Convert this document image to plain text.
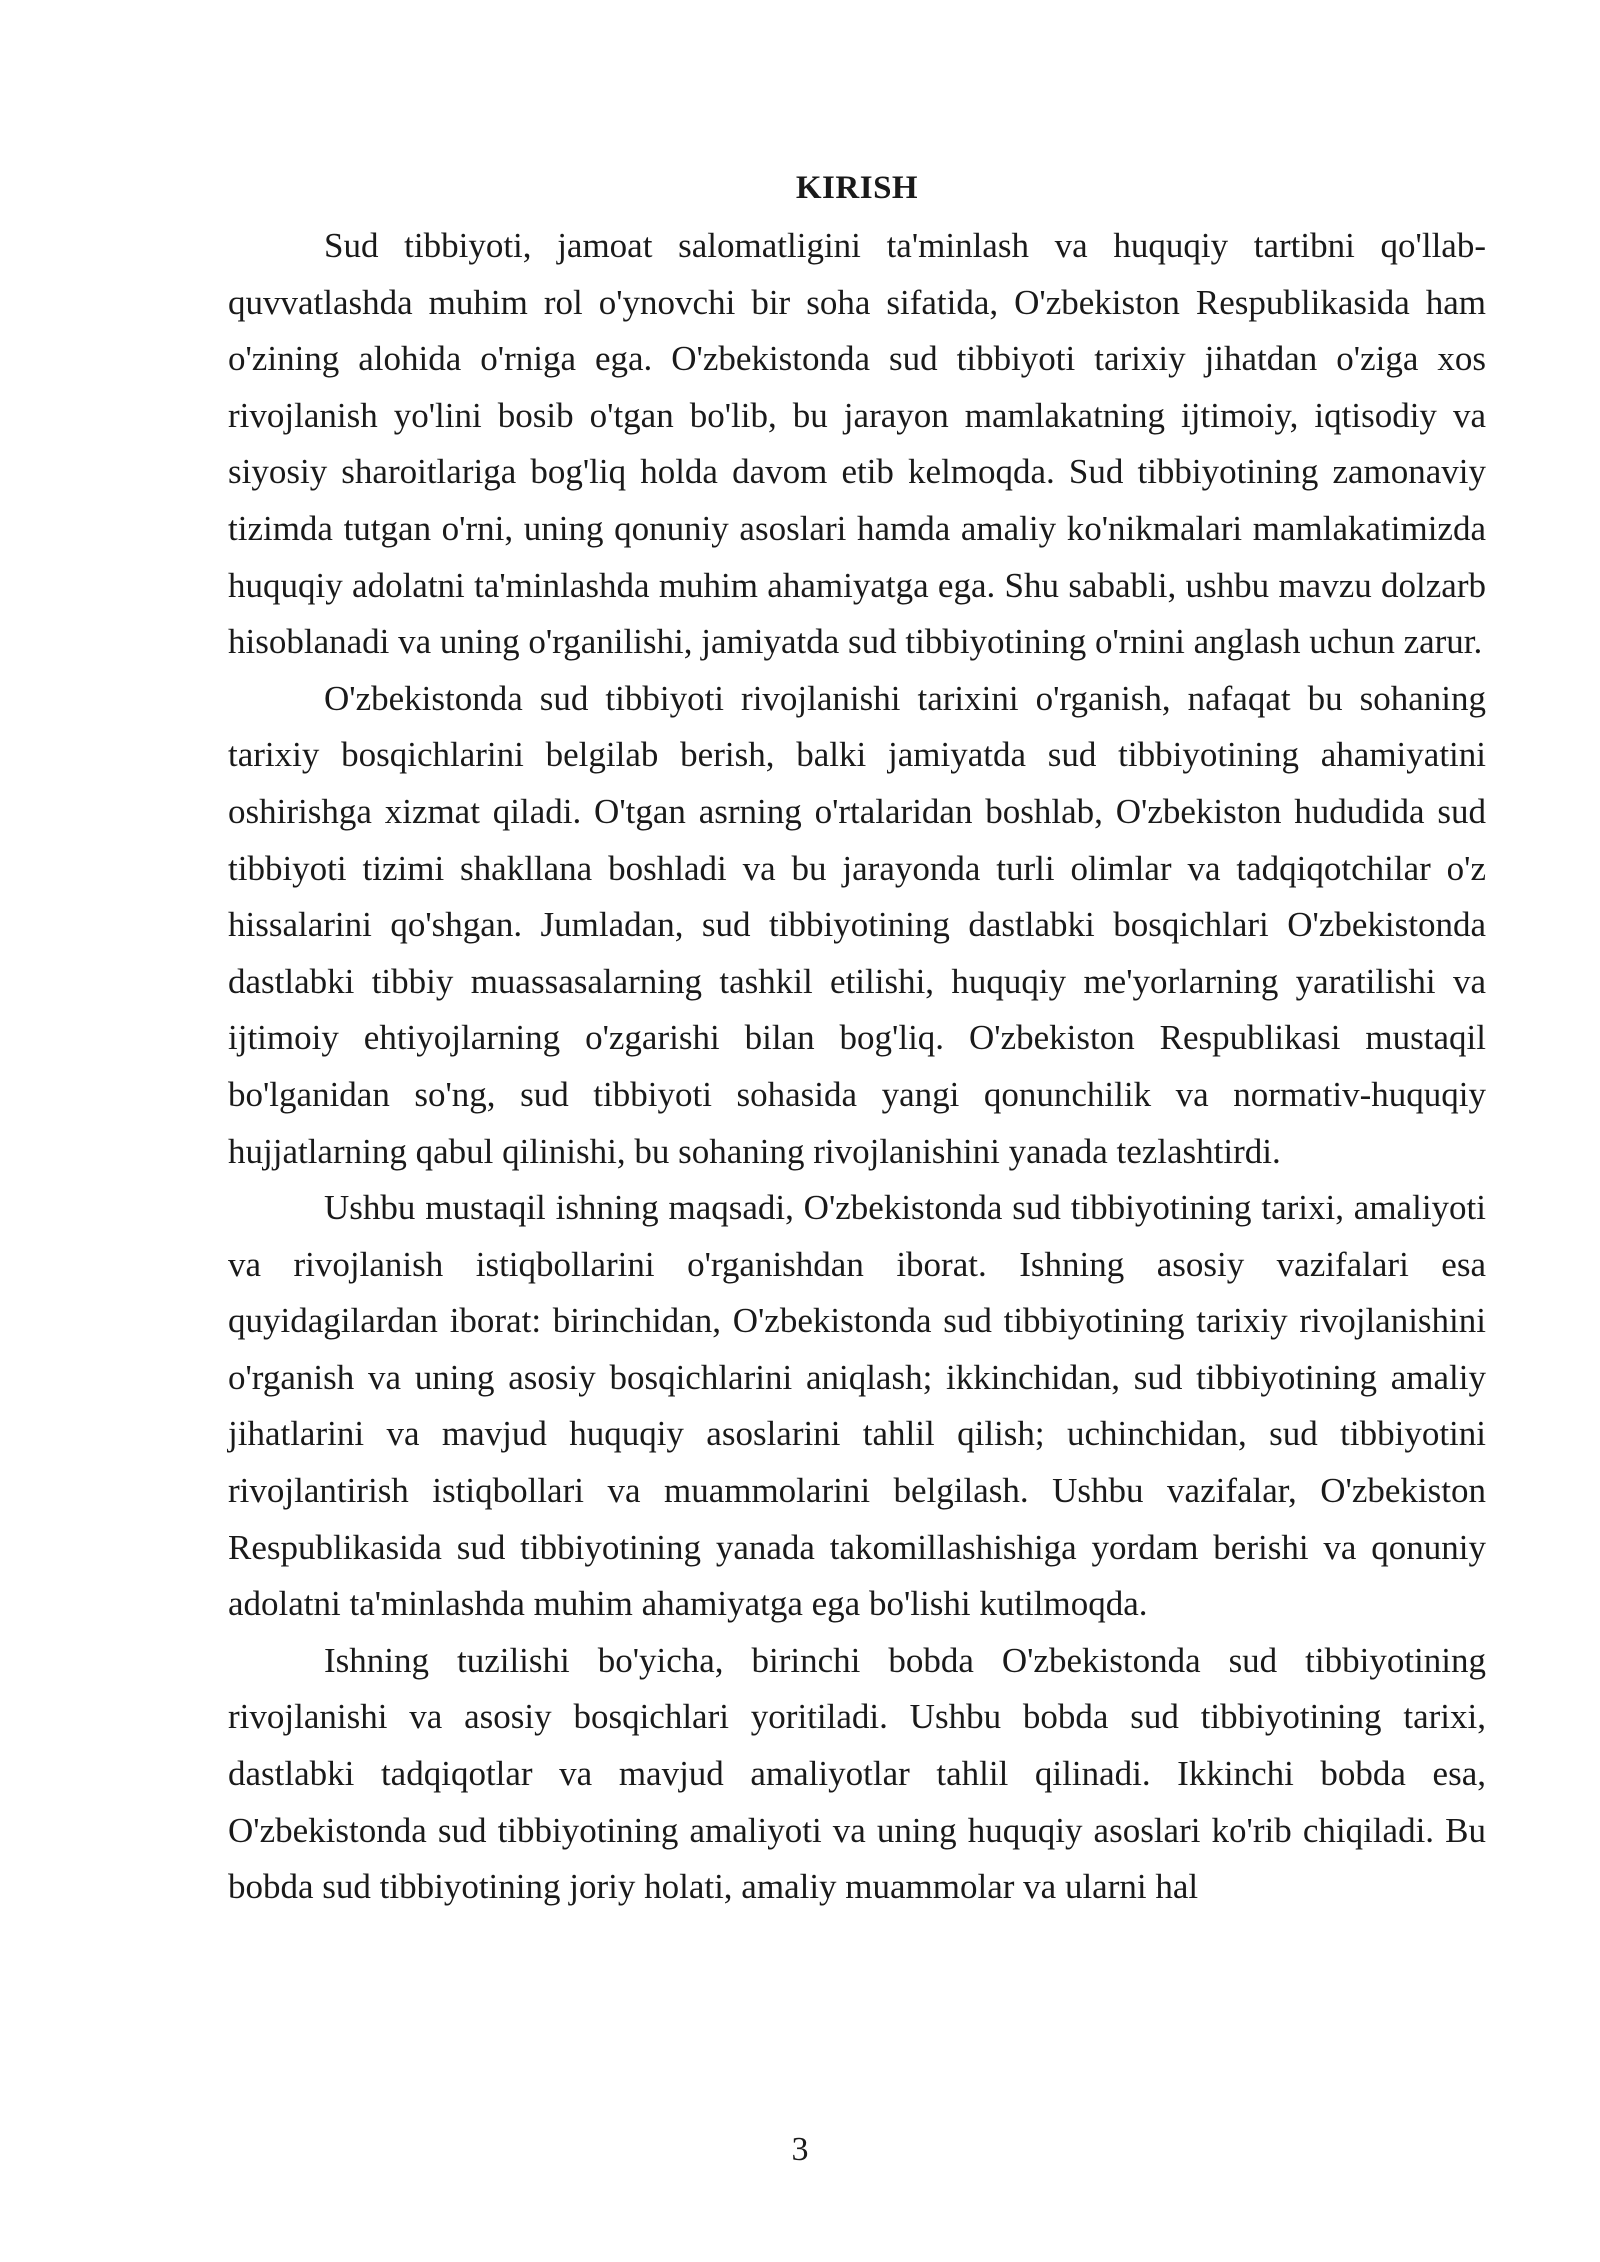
KIRISH

Sud tibbiyoti, jamoat salomatligini ta'minlash va huquqiy tartibni qo'llab-quvvatlashda muhim rol o'ynovchi bir soha sifatida, O'zbekiston Respublikasida ham o'zining alohida o'rniga ega. O'zbekistonda sud tibbiyoti tarixiy jihatdan o'ziga xos rivojlanish yo'lini bosib o'tgan bo'lib, bu jarayon mamlakatning ijtimoiy, iqtisodiy va siyosiy sharoitlariga bog'liq holda davom etib kelmoqda. Sud tibbiyotining zamonaviy tizimda tutgan o'rni, uning qonuniy asoslari hamda amaliy ko'nikmalari mamlakatimizda huquqiy adolatni ta'minlashda muhim ahamiyatga ega. Shu sababli, ushbu mavzu dolzarb hisoblanadi va uning o'rganilishi, jamiyatda sud tibbiyotining o'rnini anglash uchun zarur.

O'zbekistonda sud tibbiyoti rivojlanishi tarixini o'rganish, nafaqat bu sohaning tarixiy bosqichlarini belgilab berish, balki jamiyatda sud tibbiyotining ahamiyatini oshirishga xizmat qiladi. O'tgan asrning o'rtalaridan boshlab, O'zbekiston hududida sud tibbiyoti tizimi shakllana boshladi va bu jarayonda turli olimlar va tadqiqotchilar o'z hissalarini qo'shgan. Jumladan, sud tibbiyotining dastlabki bosqichlari O'zbekistonda dastlabki tibbiy muassasalarning tashkil etilishi, huquqiy me'yorlarning yaratilishi va ijtimoiy ehtiyojlarning o'zgarishi bilan bog'liq. O'zbekiston Respublikasi mustaqil bo'lganidan so'ng, sud tibbiyoti sohasida yangi qonunchilik va normativ-huquqiy hujjatlarning qabul qilinishi, bu sohaning rivojlanishini yanada tezlashtirdi.

Ushbu mustaqil ishning maqsadi, O'zbekistonda sud tibbiyotining tarixi, amaliyoti va rivojlanish istiqbollarini o'rganishdan iborat. Ishning asosiy vazifalari esa quyidagilardan iborat: birinchidan, O'zbekistonda sud tibbiyotining tarixiy rivojlanishini o'rganish va uning asosiy bosqichlarini aniqlash; ikkinchidan, sud tibbiyotining amaliy jihatlarini va mavjud huquqiy asoslarini tahlil qilish; uchinchidan, sud tibbiyotini rivojlantirish istiqbollari va muammolarini belgilash. Ushbu vazifalar, O'zbekiston Respublikasida sud tibbiyotining yanada takomillashishiga yordam berishi va qonuniy adolatni ta'minlashda muhim ahamiyatga ega bo'lishi kutilmoqda.

Ishning tuzilishi bo'yicha, birinchi bobda O'zbekistonda sud tibbiyotining rivojlanishi va asosiy bosqichlari yoritiladi. Ushbu bobda sud tibbiyotining tarixi, dastlabki tadqiqotlar va mavjud amaliyotlar tahlil qilinadi. Ikkinchi bobda esa, O'zbekistonda sud tibbiyotining amaliyoti va uning huquqiy asoslari ko'rib chiqiladi. Bu bobda sud tibbiyotining joriy holati, amaliy muammolar va ularni hal

3
